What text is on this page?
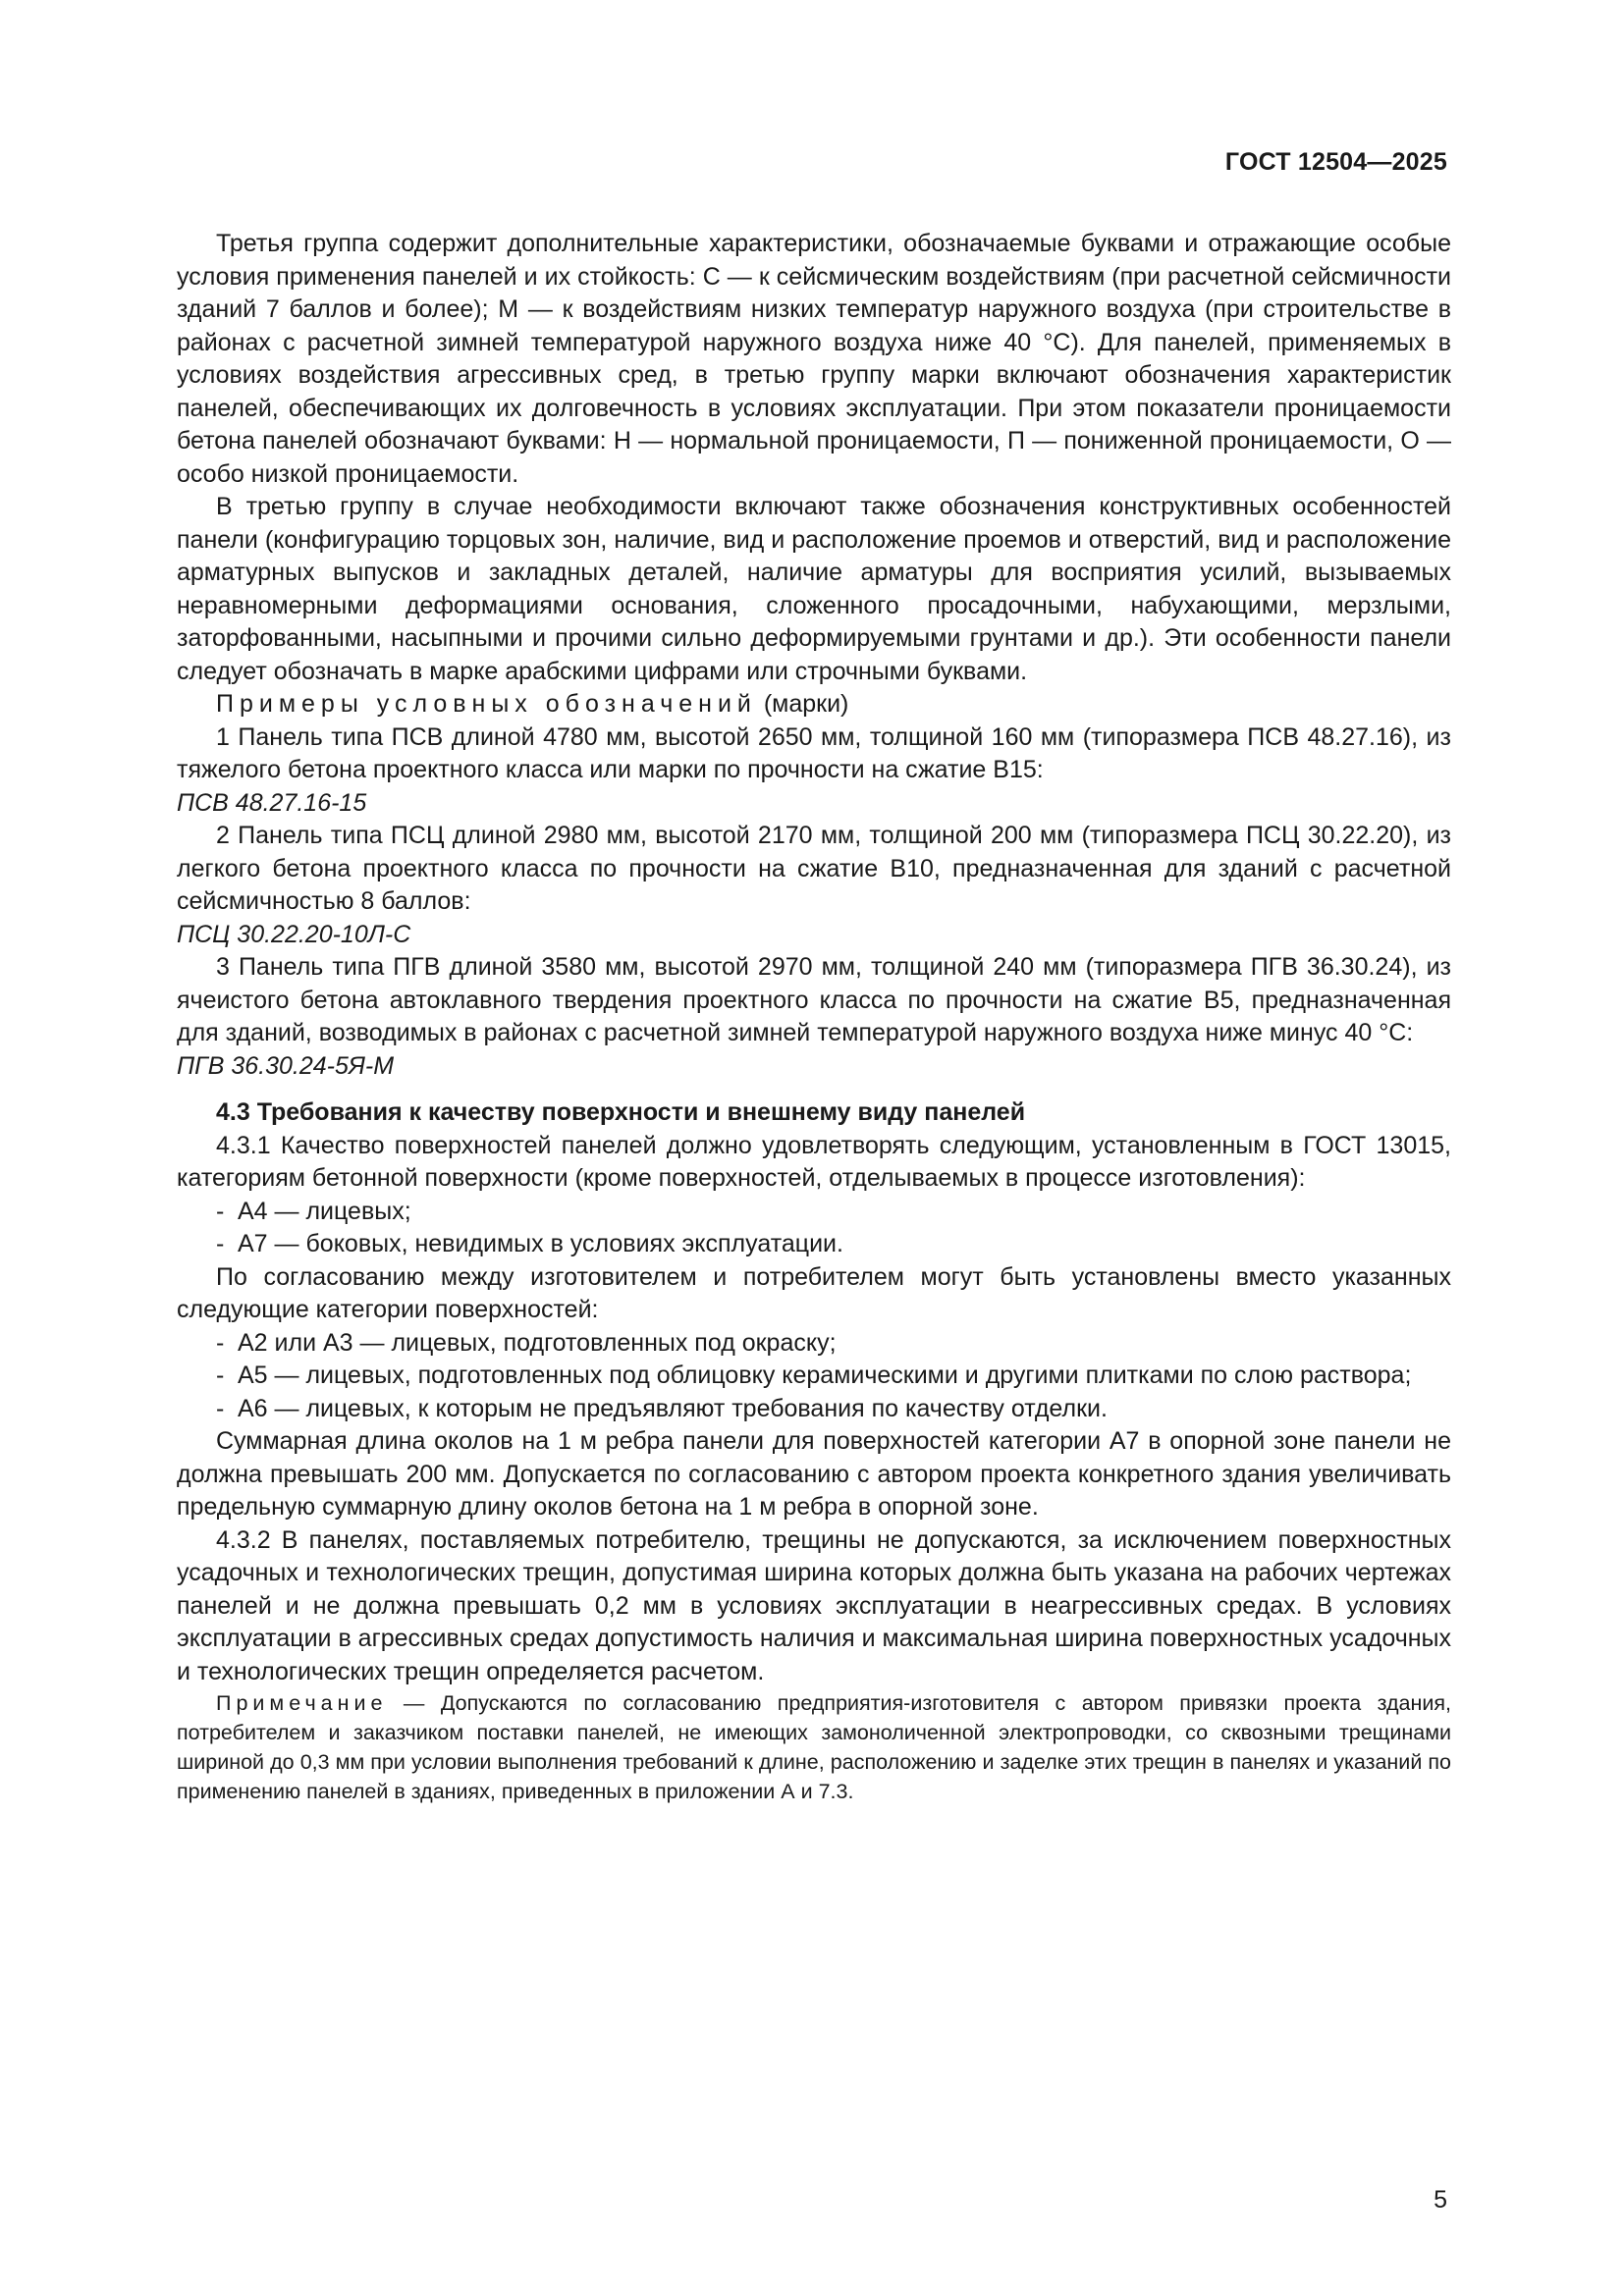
ГОСТ 12504—2025

Третья группа содержит дополнительные характеристики, обозначаемые буквами и отражающие особые условия применения панелей и их стойкость: С — к сейсмическим воздействиям (при расчетной сейсмичности зданий 7 баллов и более); М — к воздействиям низких температур наружного воздуха (при строительстве в районах с расчетной зимней температурой наружного воздуха ниже 40 °С). Для панелей, применяемых в условиях воздействия агрессивных сред, в третью группу марки включают обозначения характеристик панелей, обеспечивающих их долговечность в условиях эксплуатации. При этом показатели проницаемости бетона панелей обозначают буквами: Н — нормальной проницаемости, П — пониженной проницаемости, О — особо низкой проницаемости.

В третью группу в случае необходимости включают также обозначения конструктивных особенностей панели (конфигурацию торцовых зон, наличие, вид и расположение проемов и отверстий, вид и расположение арматурных выпусков и закладных деталей, наличие арматуры для восприятия усилий, вызываемых неравномерными деформациями основания, сложенного просадочными, набухающими, мерзлыми, заторфованными, насыпными и прочими сильно деформируемыми грунтами и др.). Эти особенности панели следует обозначать в марке арабскими цифрами или строчными буквами.

Примеры условных обозначений (марки)

1 Панель типа ПСВ длиной 4780 мм, высотой 2650 мм, толщиной 160 мм (типоразмера ПСВ 48.27.16), из тяжелого бетона проектного класса или марки по прочности на сжатие В15:

ПСВ 48.27.16-15

2 Панель типа ПСЦ длиной 2980 мм, высотой 2170 мм, толщиной 200 мм (типоразмера ПСЦ 30.22.20), из легкого бетона проектного класса по прочности на сжатие В10, предназначенная для зданий с расчетной сейсмичностью 8 баллов:

ПСЦ 30.22.20-10Л-С

3 Панель типа ПГВ длиной 3580 мм, высотой 2970 мм, толщиной 240 мм (типоразмера ПГВ 36.30.24), из ячеистого бетона автоклавного твердения проектного класса по прочности на сжатие В5, предназначенная для зданий, возводимых в районах с расчетной зимней температурой наружного воздуха ниже минус 40 °С:

ПГВ 36.30.24-5Я-М

4.3 Требования к качеству поверхности и внешнему виду панелей

4.3.1 Качество поверхностей панелей должно удовлетворять следующим, установленным в ГОСТ 13015, категориям бетонной поверхности (кроме поверхностей, отделываемых в процессе изготовления):

- А4 — лицевых;

- А7 — боковых, невидимых в условиях эксплуатации.

По согласованию между изготовителем и потребителем могут быть установлены вместо указанных следующие категории поверхностей:

- А2 или А3 — лицевых, подготовленных под окраску;

- А5 — лицевых, подготовленных под облицовку керамическими и другими плитками по слою раствора;

- А6 — лицевых, к которым не предъявляют требования по качеству отделки.

Суммарная длина околов на 1 м ребра панели для поверхностей категории А7 в опорной зоне панели не должна превышать 200 мм. Допускается по согласованию с автором проекта конкретного здания увеличивать предельную суммарную длину околов бетона на 1 м ребра в опорной зоне.

4.3.2 В панелях, поставляемых потребителю, трещины не допускаются, за исключением поверхностных усадочных и технологических трещин, допустимая ширина которых должна быть указана на рабочих чертежах панелей и не должна превышать 0,2 мм в условиях эксплуатации в неагрессивных средах. В условиях эксплуатации в агрессивных средах допустимость наличия и максимальная ширина поверхностных усадочных и технологических трещин определяется расчетом.

Примечание — Допускаются по согласованию предприятия-изготовителя с автором привязки проекта здания, потребителем и заказчиком поставки панелей, не имеющих замоноличенной электропроводки, со сквозными трещинами шириной до 0,3 мм при условии выполнения требований к длине, расположению и заделке этих трещин в панелях и указаний по применению панелей в зданиях, приведенных в приложении А и 7.3.

5
